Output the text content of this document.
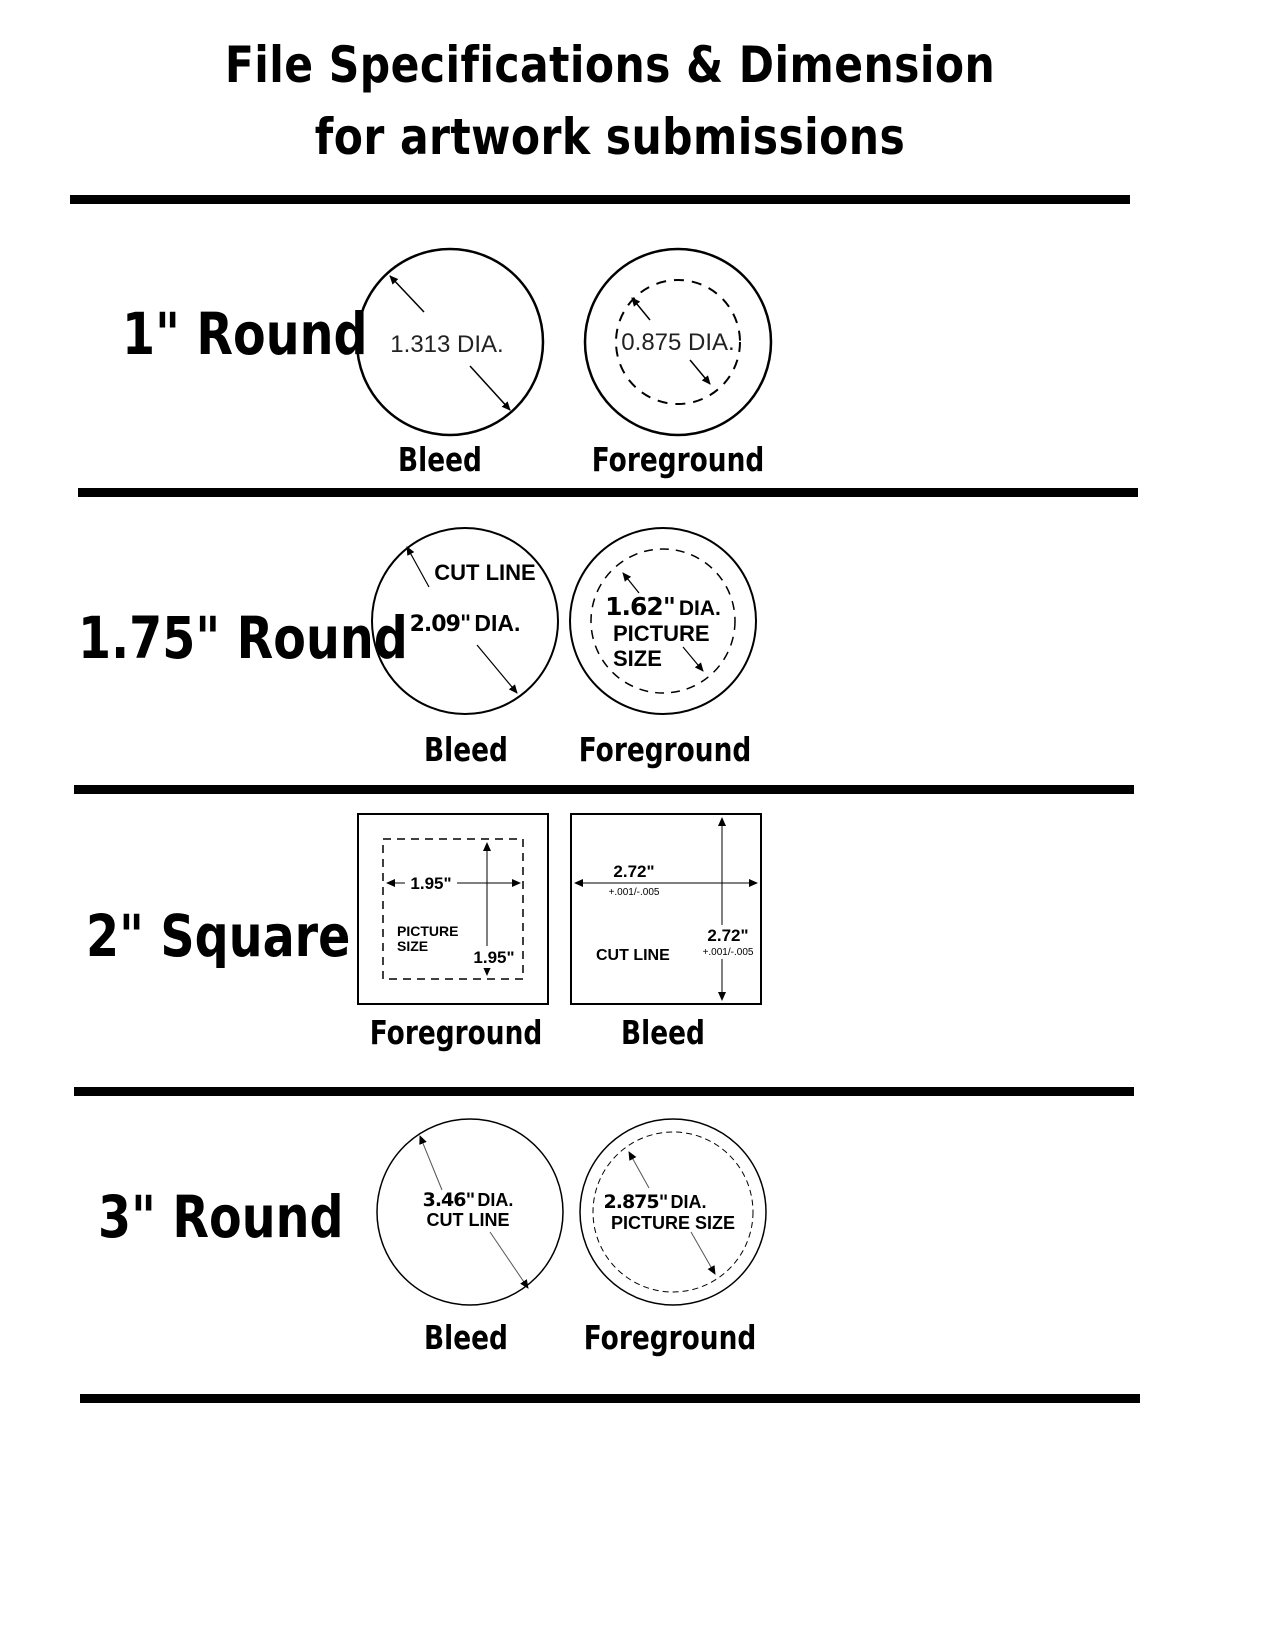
File Specifications & Dimension
for artwork submissions
1" Round 1.313 DIA.
Bleed
0.875 DIA.
Foreground
1.75" Round
CUT LINE
2.09" DIA.
Bleed
1.62" DIA.
PICTURE
SIZE
Foreground
2" Square
1.95"
PICTURE
SIZE
1.95"
Foreground
2.72"
+.001/-.005
CUT LINE
2.72"
+.001/-.005
Bleed
3" Round	3.46" DIA.
CUT LINE
Bleed
2.875" DIA.
PICTURE SIZE
Foreground
